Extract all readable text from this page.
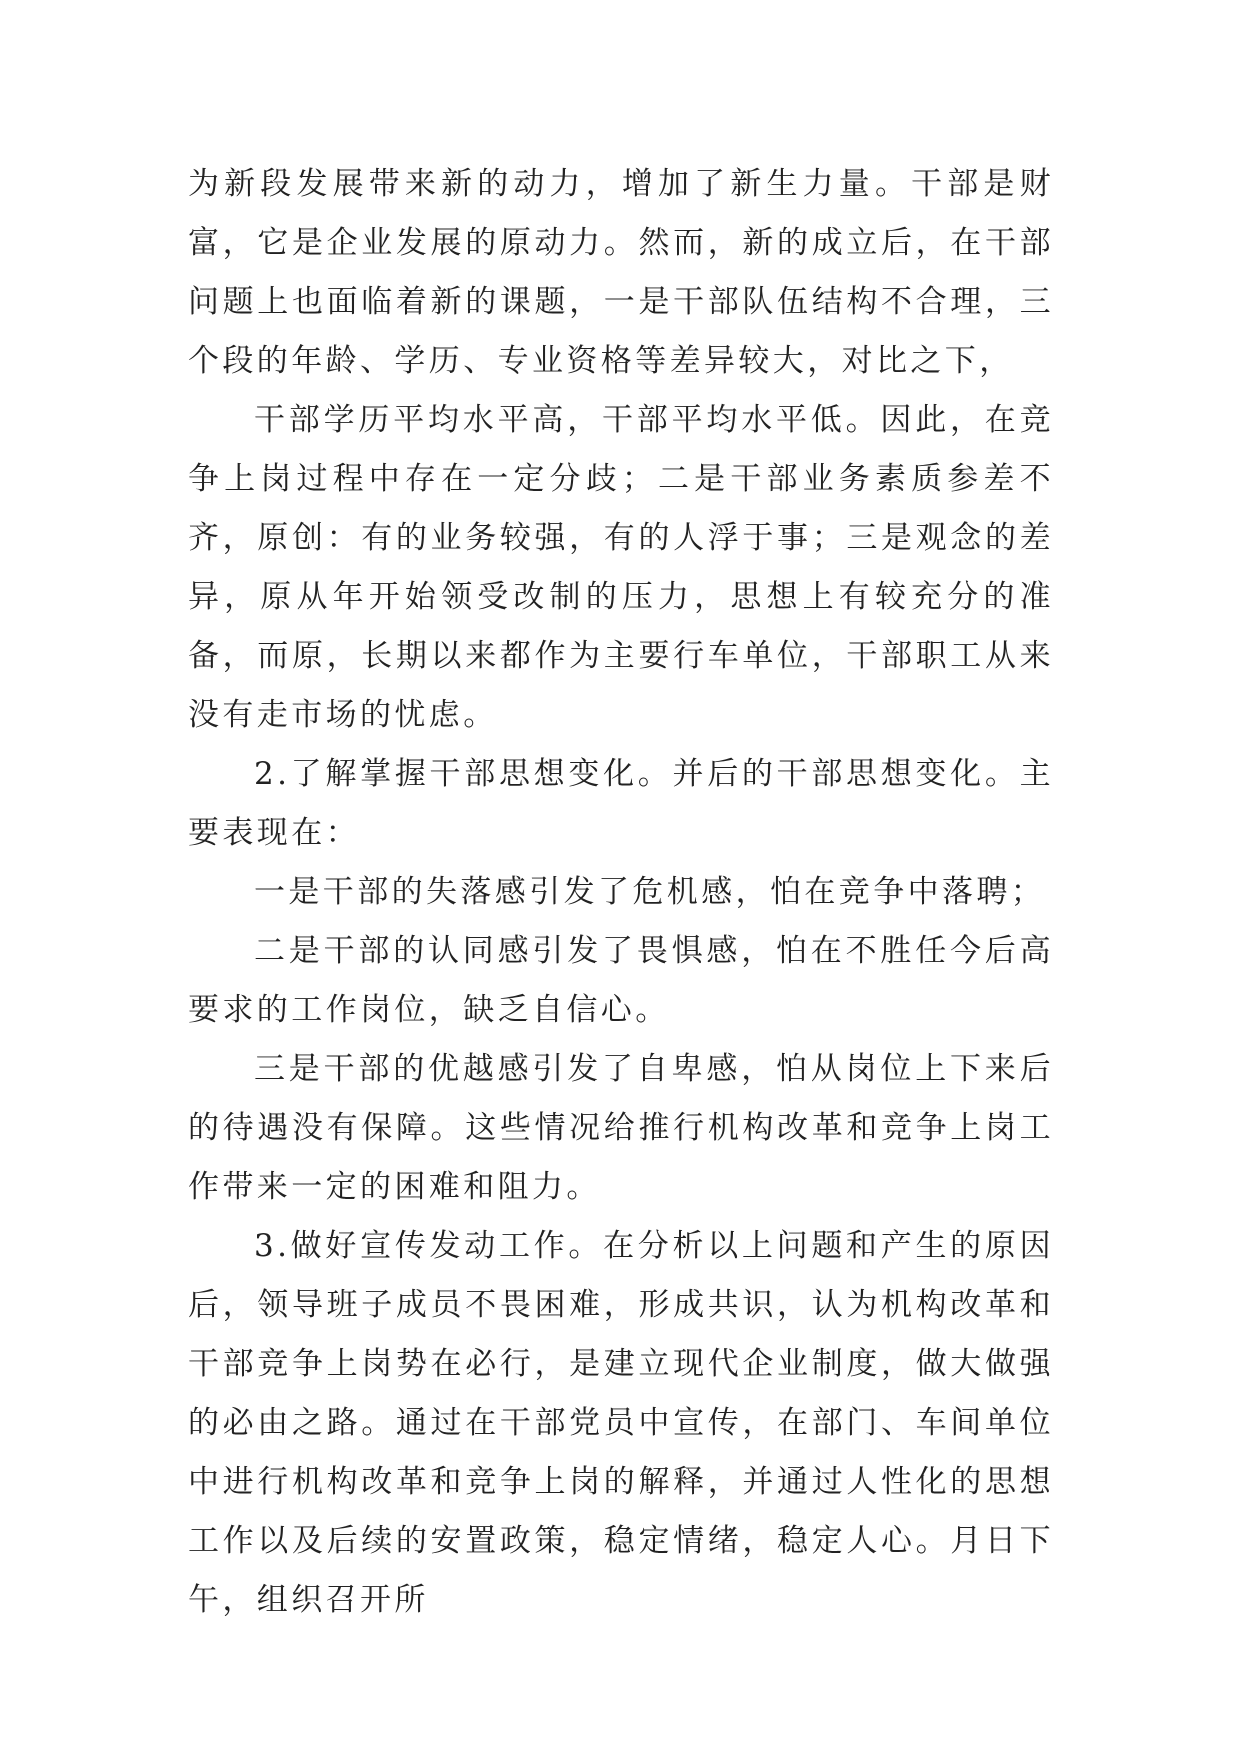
为新段发展带来新的动力，增加了新生力量。干部是财富，它是企业发展的原动力。然而，新的成立后，在干部问题上也面临着新的课题，一是干部队伍结构不合理，三个段的年龄、学历、专业资格等差异较大，对比之下，

干部学历平均水平高，干部平均水平低。因此，在竞争上岗过程中存在一定分歧；二是干部业务素质参差不齐，原创：有的业务较强，有的人浮于事；三是观念的差异，原从年开始领受改制的压力，思想上有较充分的准备，而原，长期以来都作为主要行车单位，干部职工从来没有走市场的忧虑。

2.了解掌握干部思想变化。并后的干部思想变化。主要表现在：

一是干部的失落感引发了危机感，怕在竞争中落聘；

二是干部的认同感引发了畏惧感，怕在不胜任今后高要求的工作岗位，缺乏自信心。

三是干部的优越感引发了自卑感，怕从岗位上下来后的待遇没有保障。这些情况给推行机构改革和竞争上岗工作带来一定的困难和阻力。

3.做好宣传发动工作。在分析以上问题和产生的原因后，领导班子成员不畏困难，形成共识，认为机构改革和干部竞争上岗势在必行，是建立现代企业制度，做大做强的必由之路。通过在干部党员中宣传，在部门、车间单位中进行机构改革和竞争上岗的解释，并通过人性化的思想工作以及后续的安置政策，稳定情绪，稳定人心。月日下午，组织召开所
